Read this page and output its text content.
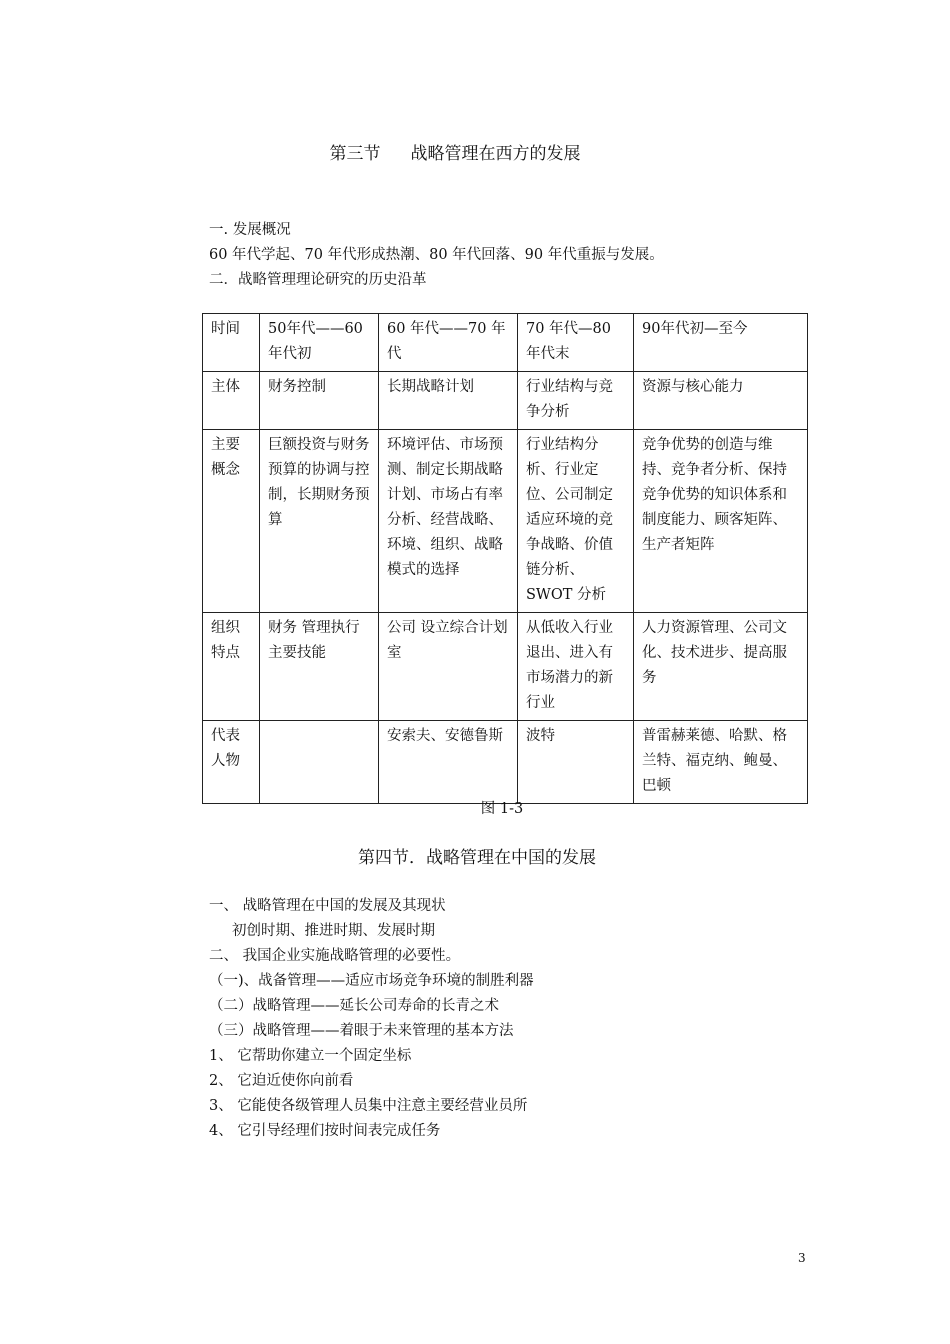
第三节 战略管理在西方的发展
一. 发展概况
60 年代学起、70 年代形成热潮、80 年代回落、90 年代重振与发展。
二．战略管理理论研究的历史沿革
时间	50年代——60年代初	60 年代——70 年代	70 年代—80 年代末	90年代初—至今
主体	财务控制	长期战略计划	行业结构与竞争分析	资源与核心能力
主要概念	巨额投资与财务预算的协调与控制，长期财务预算	环境评估、市场预测、制定长期战略计划、市场占有率分析、经营战略、环境、组织、战略模式的选择	行业结构分析、行业定位、公司制定适应环境的竞争战略、价值链分析、SWOT 分析	竞争优势的创造与维持、竞争者分析、保持竞争优势的知识体系和制度能力、顾客矩阵、生产者矩阵
组织特点	财务 管理执行主要技能	公司 设立综合计划室	从低收入行业退出、进入有市场潜力的新行业	人力资源管理、公司文化、技术进步、提高服务
代表人物		安索夫、安德鲁斯	波特	普雷赫莱德、哈默、格兰特、福克纳、鲍曼、巴顿
图 1-3
第四节．战略管理在中国的发展
一、 战略管理在中国的发展及其现状
初创时期、推进时期、发展时期
二、 我国企业实施战略管理的必要性。
（一)、战备管理——适应市场竞争环境的制胜利器
（二）战略管理——延长公司寿命的长青之术
（三）战略管理——着眼于未来管理的基本方法
1、 它帮助你建立一个固定坐标
2、 它迫近使你向前看
3、 它能使各级管理人员集中注意主要经营业员所
4、 它引导经理们按时间表完成任务
3
